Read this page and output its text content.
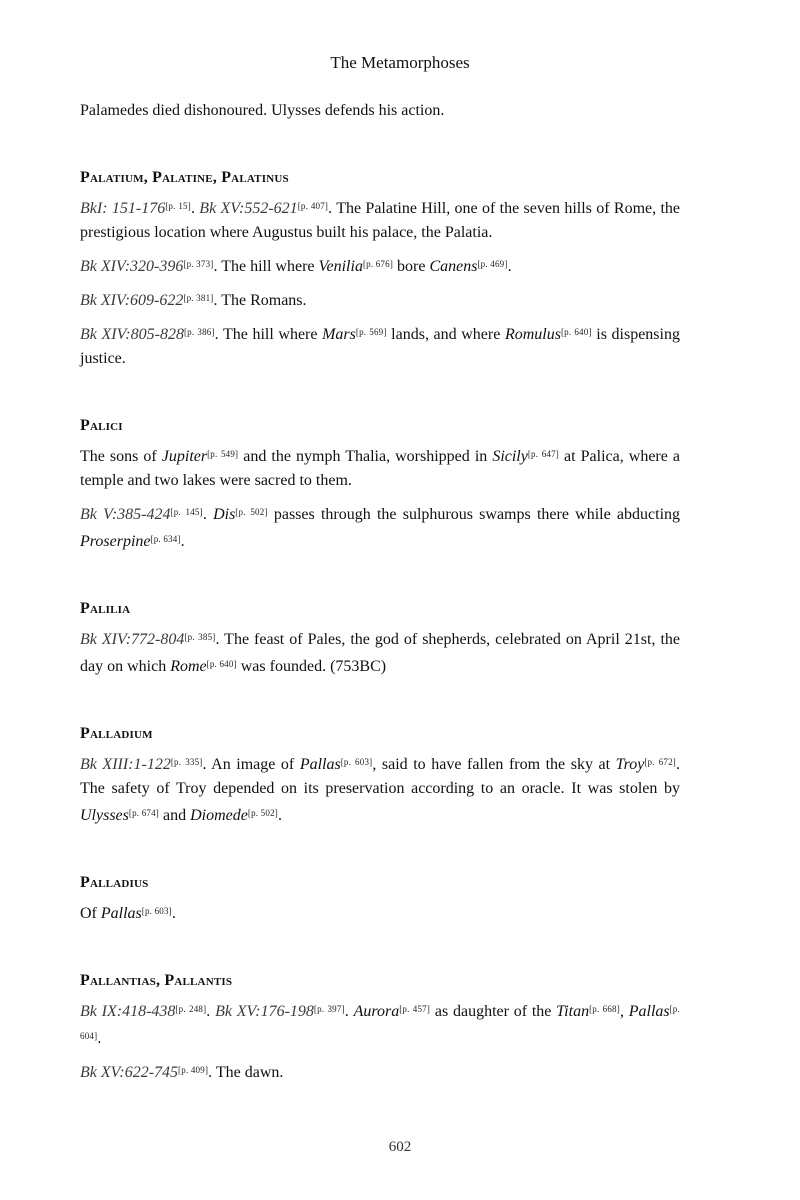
The Metamorphoses

Palamedes died dishonoured. Ulysses defends his action.

Palatium, Palatine, Palatinus

BkI: 151-176[p. 15]. Bk XV:552-621[p. 407]. The Palatine Hill, one of the seven hills of Rome, the prestigious location where Augustus built his palace, the Palatia.

Bk XIV:320-396[p. 373]. The hill where Venilia[p. 676] bore Canens[p. 469].

Bk XIV:609-622[p. 381]. The Romans.

Bk XIV:805-828[p. 386]. The hill where Mars[p. 569] lands, and where Romulus[p. 640] is dispensing justice.

Palici

The sons of Jupiter[p. 549] and the nymph Thalia, worshipped in Sicily[p. 647] at Palica, where a temple and two lakes were sacred to them.

Bk V:385-424[p. 145]. Dis[p. 502] passes through the sulphurous swamps there while abducting Proserpine[p. 634].

Palilia

Bk XIV:772-804[p. 385]. The feast of Pales, the god of shepherds, celebrated on April 21st, the day on which Rome[p. 640] was founded. (753BC)

Palladium

Bk XIII:1-122[p. 335]. An image of Pallas[p. 603], said to have fallen from the sky at Troy[p. 672]. The safety of Troy depended on its preservation according to an oracle. It was stolen by Ulysses[p. 674] and Diomede[p. 502].

Palladius

Of Pallas[p. 603].

Pallantias, Pallantis

Bk IX:418-438[p. 248]. Bk XV:176-198[p. 397]. Aurora[p. 457] as daughter of the Titan[p. 668], Pallas[p. 604].

Bk XV:622-745[p. 409]. The dawn.

602
